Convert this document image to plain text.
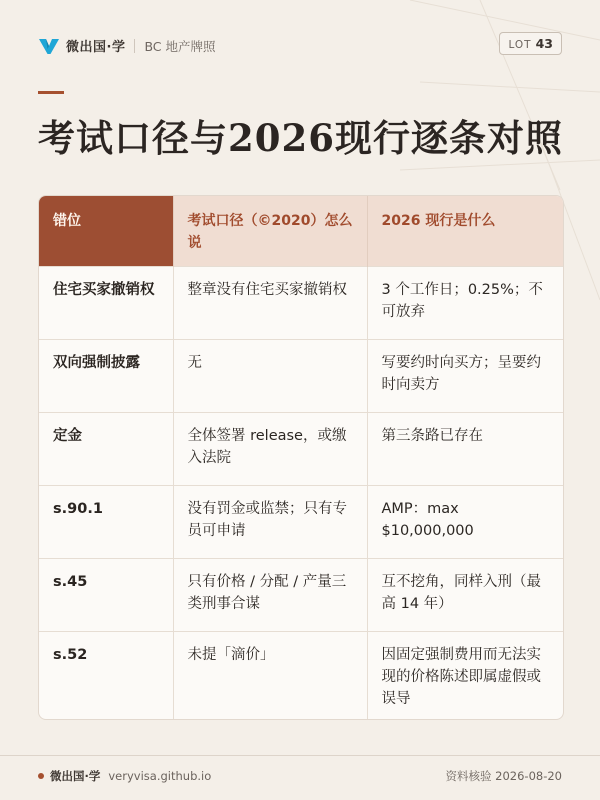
微出国·学 BC 地产牌照	LOT 43
考试口径与2026现行逐条对照
错位	考试口径（©2020）怎么说	2026 现行是什么
住宅买家撤销权	整章没有住宅买家撤销权	3 个工作日；0.25%；不可放弃
双向强制披露	无	写要约时向买方；呈要约时向卖方
定金	全体签署 release，或缴入法院	第三条路已存在
s.90.1	没有罚金或监禁；只有专员可申请	AMP：max $10,000,000
s.45	只有价格 / 分配 / 产量三类刑事合谋	互不挖角，同样入刑（最高 14 年）
s.52	未提「滴价」	因固定强制费用而无法实现的价格陈述即属虚假或误导
微出国·学 veryvisa.github.io	资料核验 2026-08-20
